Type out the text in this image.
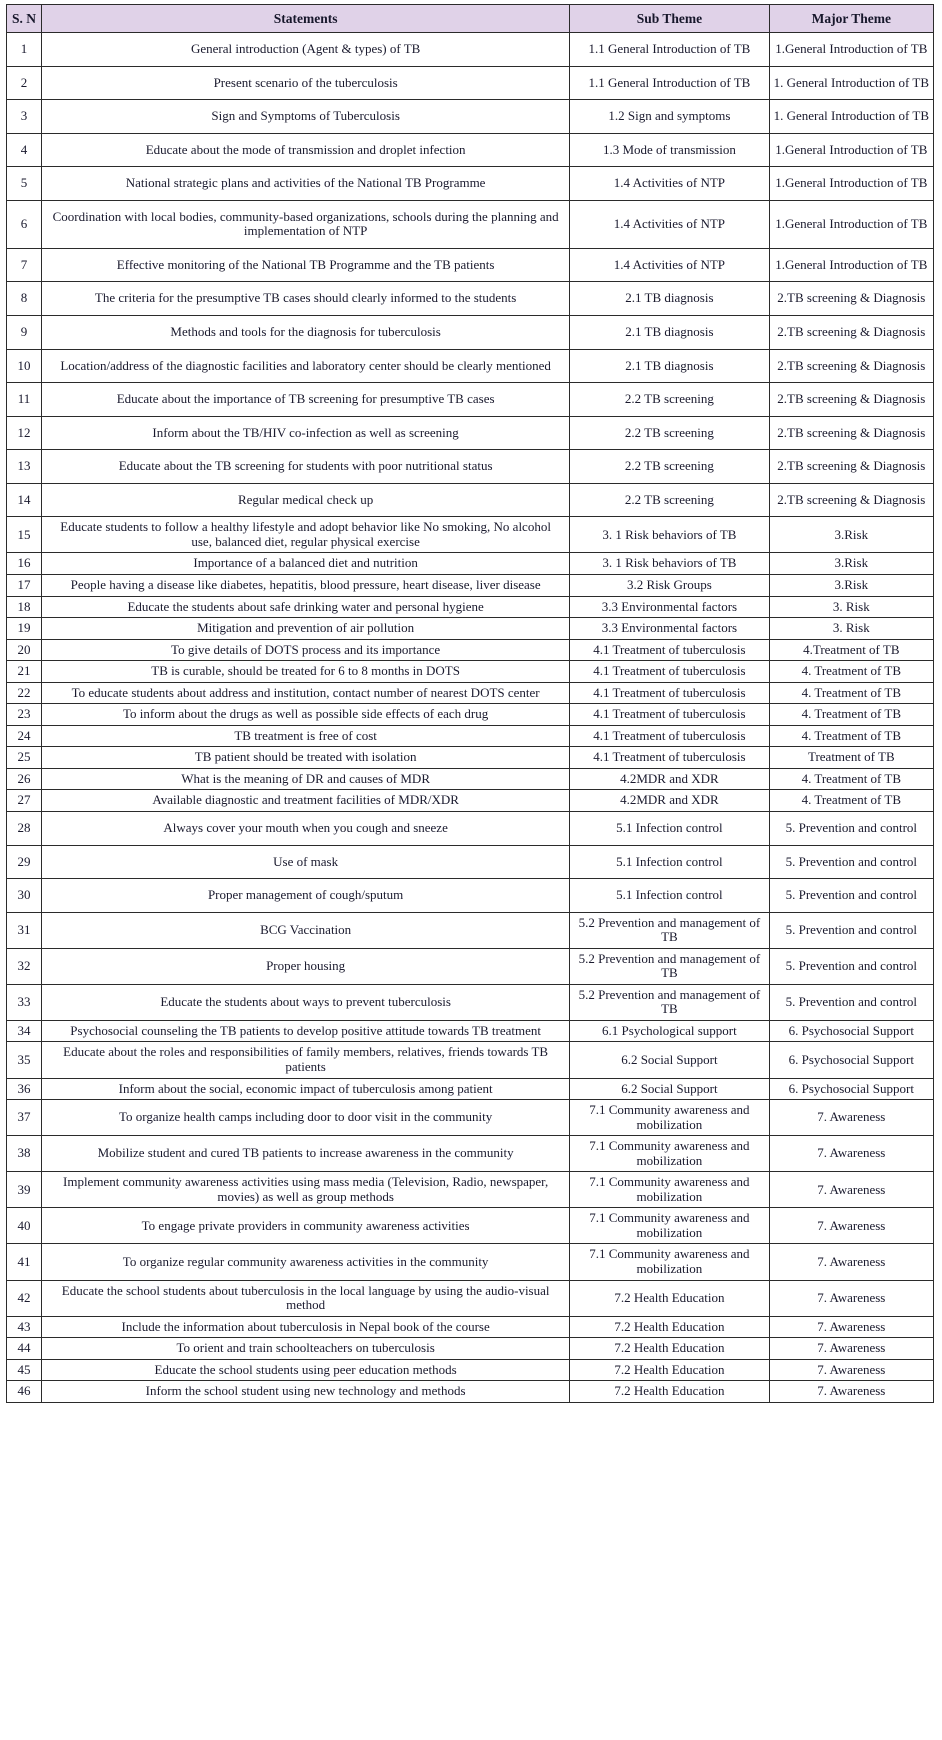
S. N	Statements	Sub Theme	Major Theme
1	General introduction (Agent & types) of TB	1.1 General Introduction of TB	1.General Introduction of TB
2	Present scenario of the tuberculosis	1.1 General Introduction of TB	1. General Introduction of TB
3	Sign and Symptoms of Tuberculosis	1.2 Sign and symptoms	1. General Introduction of TB
4	Educate about the mode of transmission and droplet infection	1.3 Mode of transmission	1.General Introduction of TB
5	National strategic plans and activities of the National TB Programme	1.4 Activities of NTP	1.General Introduction of TB
6	Coordination with local bodies, community-based organizations, schools during the planning and implementation of NTP	1.4 Activities of NTP	1.General Introduction of TB
7	Effective monitoring of the National TB Programme and the TB patients	1.4 Activities of NTP	1.General Introduction of TB
8	The criteria for the presumptive TB cases should clearly informed to the students	2.1 TB diagnosis	2.TB screening & Diagnosis
9	Methods and tools for the diagnosis for tuberculosis	2.1 TB diagnosis	2.TB screening & Diagnosis
10	Location/address of the diagnostic facilities and laboratory center should be clearly mentioned	2.1 TB diagnosis	2.TB screening & Diagnosis
11	Educate about the importance of TB screening for presumptive TB cases	2.2 TB screening	2.TB screening & Diagnosis
12	Inform about the TB/HIV co-infection as well as screening	2.2 TB screening	2.TB screening & Diagnosis
13	Educate about the TB screening for students with poor nutritional status	2.2 TB screening	2.TB screening & Diagnosis
14	Regular medical check up	2.2 TB screening	2.TB screening & Diagnosis
15	Educate students to follow a healthy lifestyle and adopt behavior like No smoking, No alcohol use, balanced diet, regular physical exercise	3. 1 Risk behaviors of TB	3.Risk
16	Importance of a balanced diet and nutrition	3. 1 Risk behaviors of TB	3.Risk
17	People having a disease like diabetes, hepatitis, blood pressure, heart disease, liver disease	3.2 Risk Groups	3.Risk
18	Educate the students about safe drinking water and personal hygiene	3.3 Environmental factors	3. Risk
19	Mitigation and prevention of air pollution	3.3 Environmental factors	3. Risk
20	To give details of DOTS process and its importance	4.1 Treatment of tuberculosis	4.Treatment of TB
21	TB is curable, should be treated for 6 to 8 months in DOTS	4.1 Treatment of tuberculosis	4. Treatment of TB
22	To educate students about address and institution, contact number of nearest DOTS center	4.1 Treatment of tuberculosis	4. Treatment of TB
23	To inform about the drugs as well as possible side effects of each drug	4.1 Treatment of tuberculosis	4. Treatment of TB
24	TB treatment is free of cost	4.1 Treatment of tuberculosis	4. Treatment of TB
25	TB patient should be treated with isolation	4.1 Treatment of tuberculosis	Treatment of TB
26	What is the meaning of DR and causes of MDR	4.2MDR and XDR	4. Treatment of TB
27	Available diagnostic and treatment facilities of MDR/XDR	4.2MDR and XDR	4. Treatment of TB
28	Always cover your mouth when you cough and sneeze	5.1 Infection control	5. Prevention and control
29	Use of mask	5.1 Infection control	5. Prevention and control
30	Proper management of cough/sputum	5.1 Infection control	5. Prevention and control
31	BCG Vaccination	5.2 Prevention and management of TB	5. Prevention and control
32	Proper housing	5.2 Prevention and management of TB	5. Prevention and control
33	Educate the students about ways to prevent tuberculosis	5.2 Prevention and management of TB	5. Prevention and control
34	Psychosocial counseling the TB patients to develop positive attitude towards TB treatment	6.1 Psychological support	6. Psychosocial Support
35	Educate about the roles and responsibilities of family members, relatives, friends towards TB patients	6.2 Social Support	6. Psychosocial Support
36	Inform about the social, economic impact of tuberculosis among patient	6.2 Social Support	6. Psychosocial Support
37	To organize health camps including door to door visit in the community	7.1 Community awareness and mobilization	7. Awareness
38	Mobilize student and cured TB patients to increase awareness in the community	7.1 Community awareness and mobilization	7. Awareness
39	Implement community awareness activities using mass media (Television, Radio, newspaper, movies) as well as group methods	7.1 Community awareness and mobilization	7. Awareness
40	To engage private providers in community awareness activities	7.1 Community awareness and mobilization	7. Awareness
41	To organize regular community awareness activities in the community	7.1 Community awareness and mobilization	7. Awareness
42	Educate the school students about tuberculosis in the local language by using the audio-visual method	7.2 Health Education	7. Awareness
43	Include the information about tuberculosis in Nepal book of the course	7.2 Health Education	7. Awareness
44	To orient and train schoolteachers on tuberculosis	7.2 Health Education	7. Awareness
45	Educate the school students using peer education methods	7.2 Health Education	7. Awareness
46	Inform the school student using new technology and methods	7.2 Health Education	7. Awareness
